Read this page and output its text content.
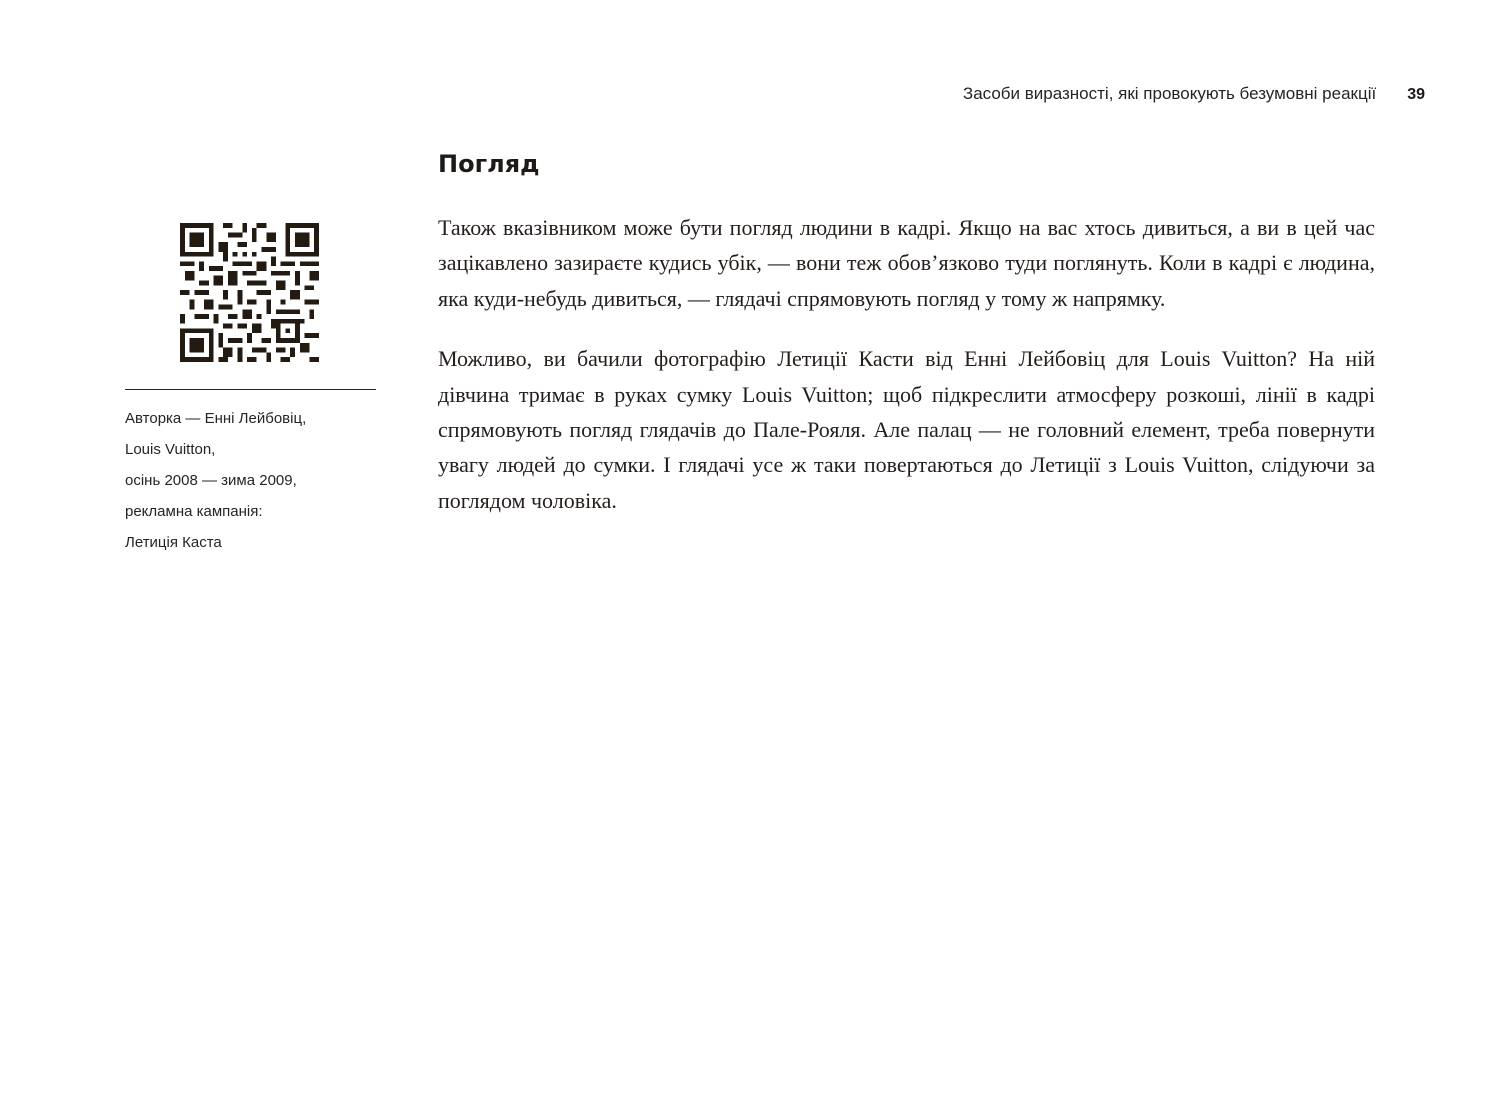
Засоби виразності, які провокують безумовні реакції 39
Погляд

Також вказівником може бути погляд людини в кадрі. Якщо на вас хтось дивиться, а ви в цей час зацікавлено зазираєте кудись убік, — вони теж обов’язково туди поглянуть. Коли в кадрі є людина, яка куди-небудь дивиться, — глядачі спрямовують погляд у тому ж напрямку.

Можливо, ви бачили фотографію Летиції Касти від Енні Лейбовіц для Louis Vuitton? На ній дівчина тримає в руках сумку Louis Vuitton; щоб підкреслити атмосферу розкоші, лінії в кадрі спрямовують погляд глядачів до Пале-Рояля. Але палац — не головний елемент, треба повернути увагу людей до сумки. І глядачі усе ж таки повертаються до Летиції з Louis Vuitton, слідуючи за поглядом чоловіка.

Авторка — Енні Лейбовіц,
Louis Vuitton,
осінь 2008 — зима 2009,
рекламна кампанія:
Летиція Каста
